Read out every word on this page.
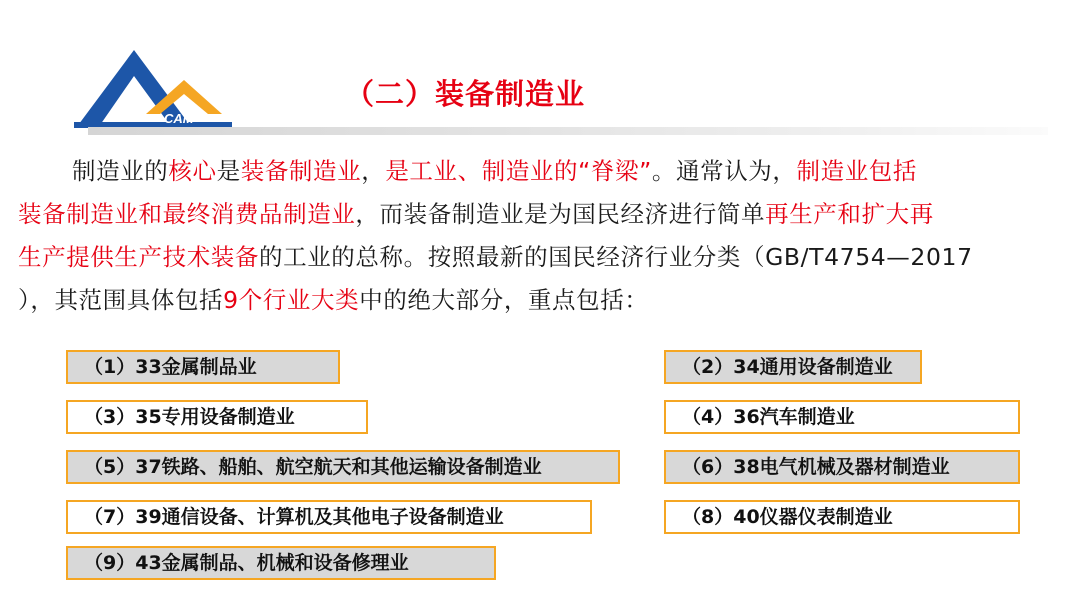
CAM
（二）装备制造业
制造业的核心是装备制造业，是工业、制造业的“脊梁”。通常认为，制造业包括
装备制造业和最终消费品制造业，而装备制造业是为国民经济进行简单再生产和扩大再
生产提供生产技术装备的工业的总称。按照最新的国民经济行业分类（GB/T4754—2017
），其范围具体包括9个行业大类中的绝大部分，重点包括：
（1）33金属制品业	（2）34通用设备制造业
（3）35专用设备制造业	（4）36汽车制造业
（5）37铁路、船舶、航空航天和其他运输设备制造业	（6）38电气机械及器材制造业
（7）39通信设备、计算机及其他电子设备制造业	（8）40仪器仪表制造业
（9）43金属制品、机械和设备修理业
